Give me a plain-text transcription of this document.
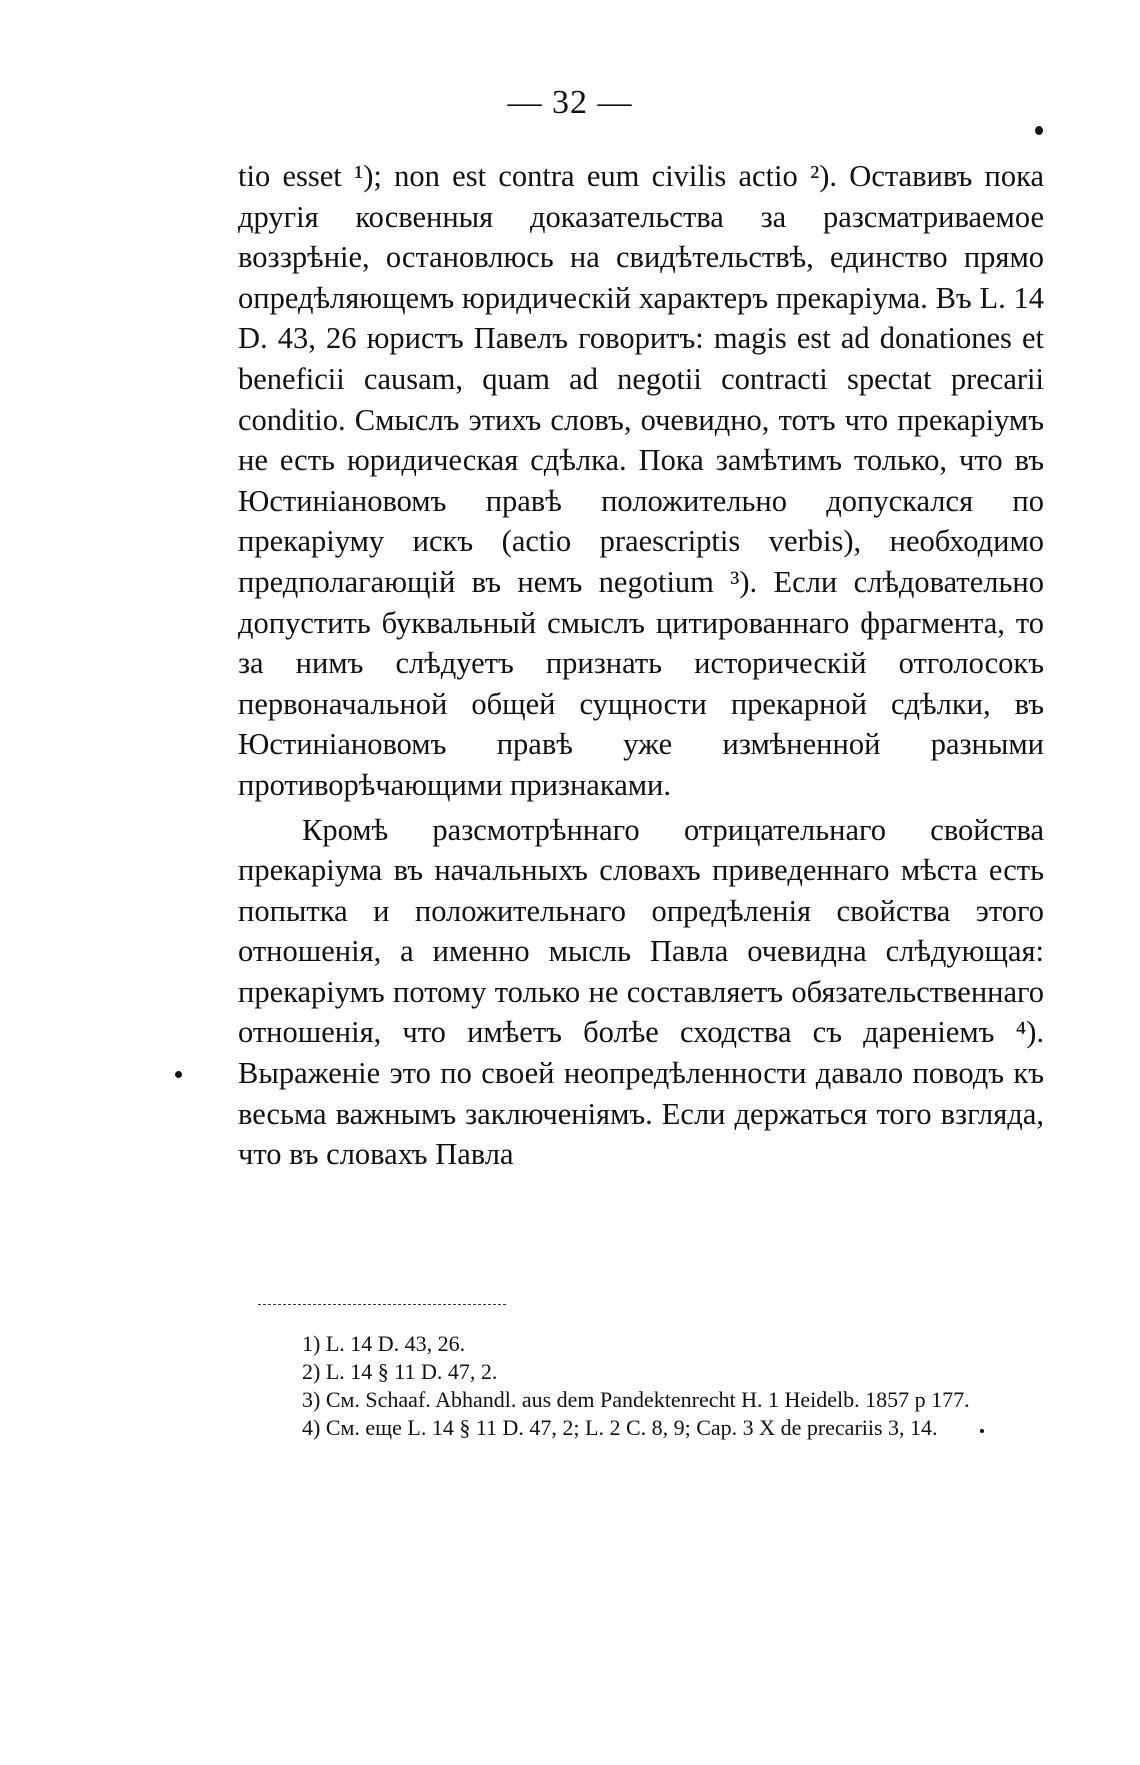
— 32 —

tio esset ¹); non est contra eum civilis actio ²). Оставивъ пока другія косвенныя доказательства за разсматриваемое воззрѣніе, остановлюсь на свидѣтельствѣ, единство прямо опредѣляющемъ юридическій характеръ прекаріума. Въ L. 14 D. 43, 26 юристъ Павелъ говоритъ: magis est ad donationes et beneficii causam, quam ad negotii contracti spectat precarii conditio. Смыслъ этихъ словъ, очевидно, тотъ что прекаріумъ не есть юридическая сдѣлка. Пока замѣтимъ только, что въ Юстиніановомъ правѣ положительно допускался по прекаріуму искъ (actio praescriptis verbis), необходимо предполагающій въ немъ negotium ³). Если слѣдовательно допустить буквальный смыслъ цитированнаго фрагмента, то за нимъ слѣдуетъ признать историческій отголосокъ первоначальной общей сущности прекарной сдѣлки, въ Юстиніановомъ правѣ уже измѣненной разными противорѣчающими признаками.

Кромѣ разсмотрѣннаго отрицательнаго свойства прекаріума въ начальныхъ словахъ приведеннаго мѣста есть попытка и положительнаго опредѣленія свойства этого отношенія, а именно мысль Павла очевидна слѣдующая: прекаріумъ потому только не составляетъ обязательственнаго отношенія, что имѣетъ болѣе сходства съ дареніемъ ⁴). Выраженіе это по своей неопредѣленности давало поводъ къ весьма важнымъ заключеніямъ. Если держаться того взгляда, что въ словахъ Павла

1) L. 14 D. 43, 26.

2) L. 14 § 11 D. 47, 2.

3) См. Schaaf. Abhandl. aus dem Pandektenrecht H. 1 Heidelb. 1857 p 177.

4) См. еще L. 14 § 11 D. 47, 2; L. 2 C. 8, 9; Cap. 3 X de precariis 3, 14.
